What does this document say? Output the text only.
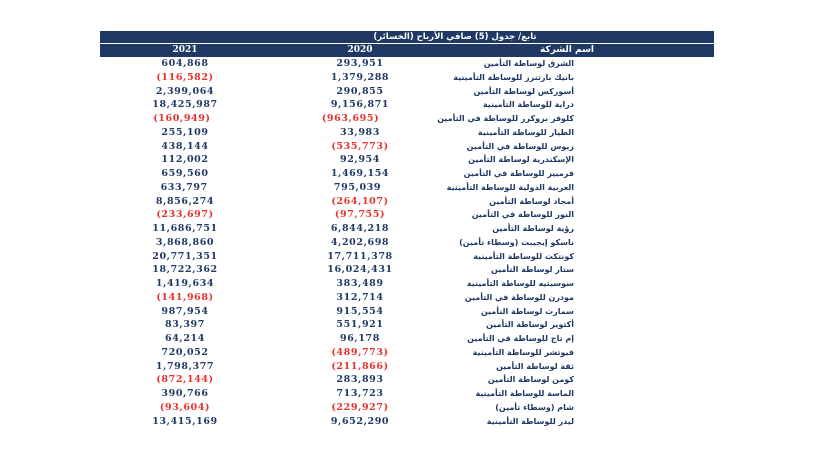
تابع/ جدول (5) صافي الأرباح (الخسائر)
2021	2020	اسم الشركة
604,868	293,951	الشرق لوساطة التأمين
(116,582)	1,379,288	بانيك بارتنرز للوساطة التأمينية
2,399,064	290,855	أسوركس لوساطة التأمين
18,425,987	9,156,871	دراية للوساطة التأمينية
(160,949)	(963,695)	كلوفر بروكرز للوساطة في التأمين
255,109	33,983	الطيار للوساطة التأمينية
438,144	(535,773)	زيوس للوساطة في التأمين
112,002	92,954	الإسكندرية لوساطة التأمين
659,560	1,469,154	فرميير للوساطة في التأمين
633,797	795,039	العربية الدولية للوساطة التأمينية
8,856,274	(264,107)	أمجاد لوساطة التأمين
(233,697)	(97,755)	النور للوساطة في التأمين
11,686,751	6,844,218	رؤية لوساطة التأمين
3,868,860	4,202,698	ناسكو إيجيبت (وسطاء تأمين)
20,771,351	17,711,378	كونتكت للوساطة التأمينية
18,722,362	16,024,431	ستار لوساطة التأمين
1,419,634	383,489	سوسيتيه للوساطة التأمينية
(141,968)	312,714	مودرن للوساطة في التأمين
987,954	915,554	سمارت لوساطة التأمين
83,397	551,921	أكتوير لوساطة التأمين
64,214	96,178	إم تاج للوساطة في التأمين
720,052	(489,773)	فيوتشر للوساطة التأمينية
1,798,377	(211,866)	ثقة لوساطة التأمين
(872,144)	283,893	كومن لوساطة التأمين
390,766	713,723	الماسة للوساطة التأمينية
(93,604)	(229,927)	شام (وسطاء تأمين)
13,415,169	9,652,290	ليدر للوساطة التأمينية
